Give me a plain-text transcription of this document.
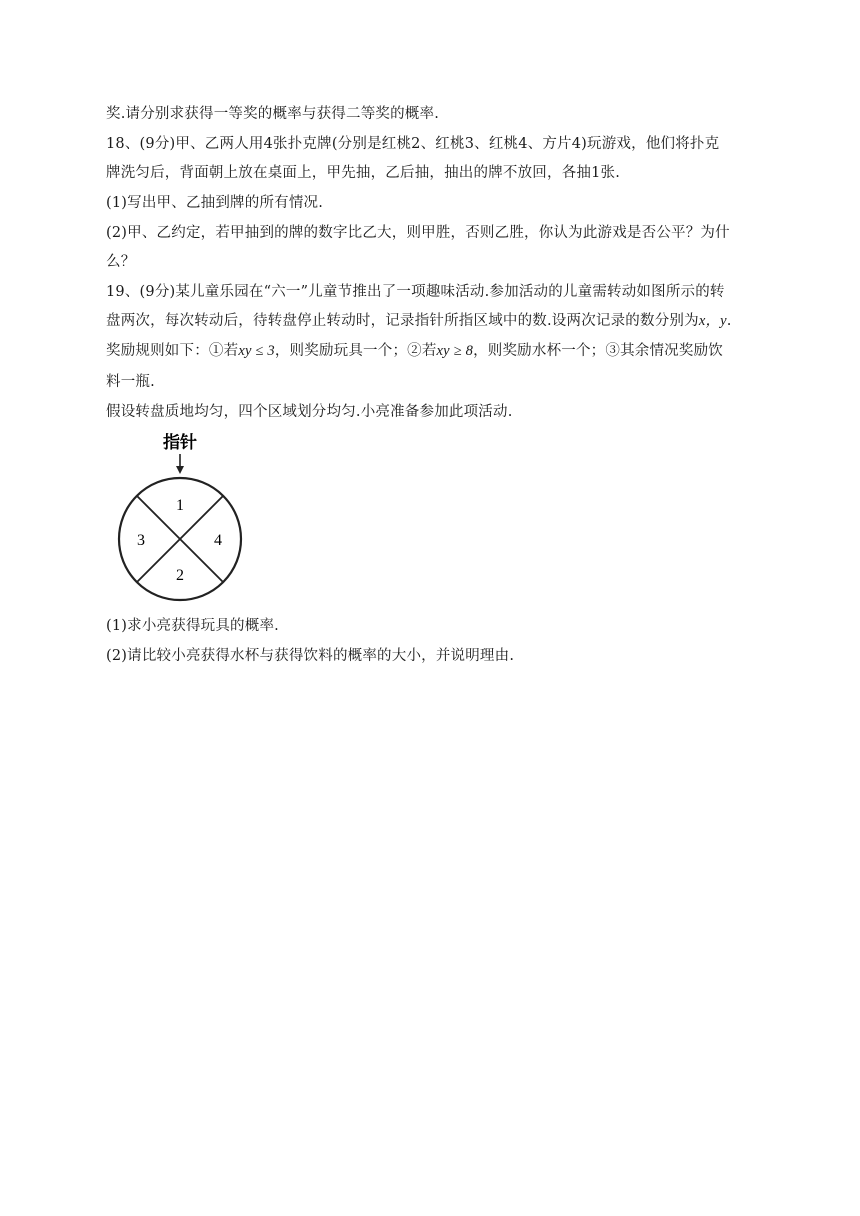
奖.请分别求获得一等奖的概率与获得二等奖的概率.
18、(9分)甲、乙两人用4张扑克牌(分别是红桃2、红桃3、红桃4、方片4)玩游戏，他们将扑克
牌洗匀后，背面朝上放在桌面上，甲先抽，乙后抽，抽出的牌不放回，各抽1张.
(1)写出甲、乙抽到牌的所有情况.
(2)甲、乙约定，若甲抽到的牌的数字比乙大，则甲胜，否则乙胜，你认为此游戏是否公平？为什
么？
19、(9分)某儿童乐园在“六一”儿童节推出了一项趣味活动.参加活动的儿童需转动如图所示的转
盘两次，每次转动后，待转盘停止转动时，记录指针所指区域中的数.设两次记录的数分别为x，y.
奖励规则如下：①若xy ≤ 3，则奖励玩具一个；②若xy ≥ 8，则奖励水杯一个；③其余情况奖励饮
料一瓶.
假设转盘质地均匀，四个区域划分均匀.小亮准备参加此项活动.
指针
1
4
2
3
(1)求小亮获得玩具的概率.
(2)请比较小亮获得水杯与获得饮料的概率的大小，并说明理由.
